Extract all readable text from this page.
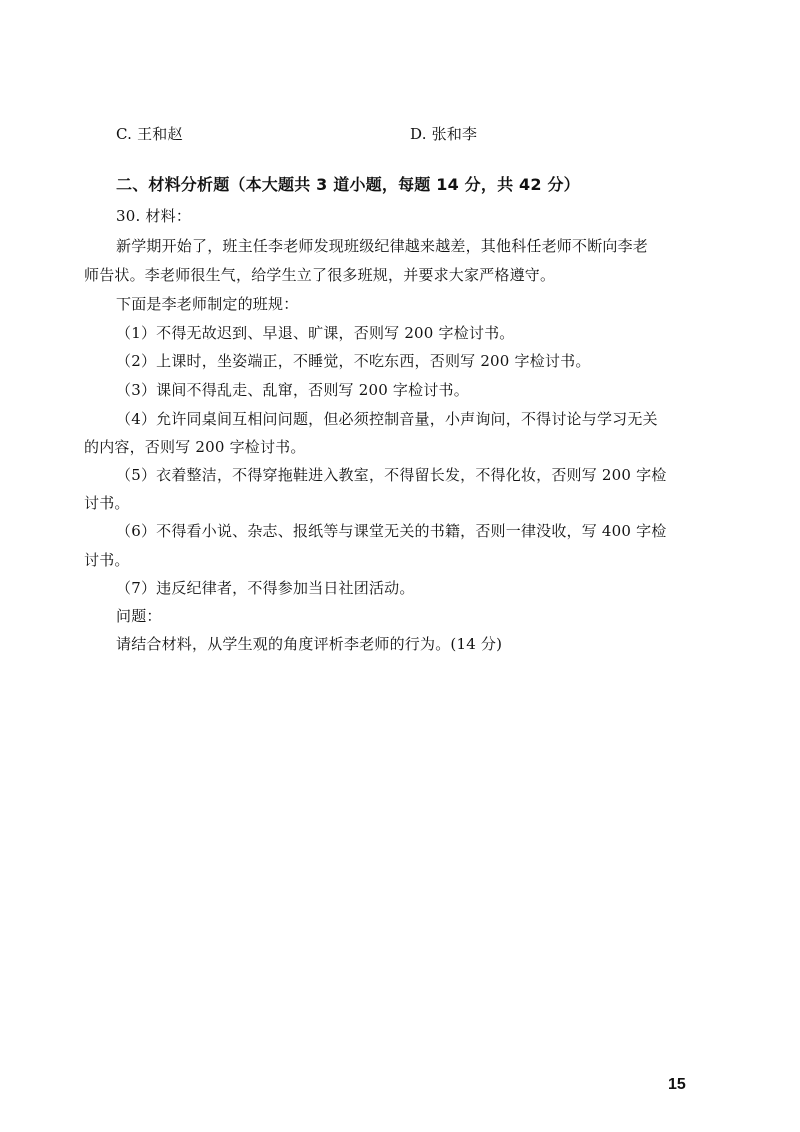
C. 王和赵	D. 张和李
二、材料分析题（本大题共 3 道小题，每题 14 分，共 42 分）
30. 材料：
新学期开始了，班主任李老师发现班级纪律越来越差，其他科任老师不断向李老
师告状。李老师很生气，给学生立了很多班规，并要求大家严格遵守。
下面是李老师制定的班规：
（1）不得无故迟到、早退、旷课，否则写 200 字检讨书。
（2）上课时，坐姿端正，不睡觉，不吃东西，否则写 200 字检讨书。
（3）课间不得乱走、乱窜，否则写 200 字检讨书。
（4）允许同桌间互相问问题，但必须控制音量，小声询问，不得讨论与学习无关
的内容，否则写 200 字检讨书。
（5）衣着整洁，不得穿拖鞋进入教室，不得留长发，不得化妆，否则写 200 字检
讨书。
（6）不得看小说、杂志、报纸等与课堂无关的书籍，否则一律没收，写 400 字检
讨书。
（7）违反纪律者，不得参加当日社团活动。
问题：
请结合材料，从学生观的角度评析李老师的行为。(14 分)
15
